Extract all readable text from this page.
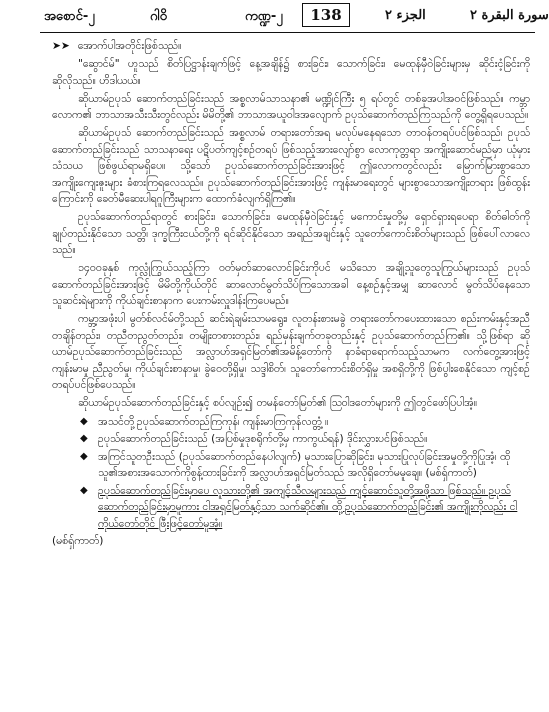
အစောင်-၂	ဂါ၀ိ	ကဏ္ဍ-၂	138	الجزء ٢	سورة البقرة ٢

➤➤ အောက်ပါအတိုင်းဖြစ်သည်။

"ဆွောင်မ်" ဟူသည် စိတ်ပြဋ္ဌာန်းချက်ဖြင့် နေ့အချိန်၌ စားခြင်း၊ သောက်ခြင်း၊ မေထုန်မှီ၀ဲခြင်းများမှ ဆိုင်းငံ့ခြင်းကို ဆိုလိုသည်။ ဟိဒါယယ်။

ဆိုယာမ်ဥပုသ် ဆောက်တည်ခြင်းသည် အစ္စလာမ်သာသနာ၏ မဏ္ဍိုင်ကြီး ၅ ရပ်တွင် တစ်ခုအပါအ၀င်ဖြစ်သည်။ ကမ္ဘာလောက၏ ဘာသာအသီးသီးတွင်လည်း မိမိတို့၏ ဘာသာအယူ၀ါဒအလျောက် ဥပုသ်ဆောက်တည်ကြသည်ကို တွေ့ရှိရပေသည်။

ဆိုယာမ်ဥပုသ် ဆောက်တည်ခြင်းသည် အစ္စလာမ် တရားတော်အရ မလုပ်မနေရသော တာ၀န်တရပ်ပင်ဖြစ်သည်၊ ဥပုသ် ဆောက်တည်ခြင်းသည် သာသနာရေး ပဋိပတ်ကျင့်စဉ်တရပ် ဖြစ်သည့်အားလျော်စွာ လောကုတ္တရာ အကျိုးဆောင်မည်မှာ ယုံမှားသံသယ ဖြစ်ဖွယ်ရာမရှိပေ။ သို့သော် ဥပုသ်ဆောက်တည်ခြင်းအားဖြင့် ဤလောကတွင်လည်း မြောက်မြားစွာသော အကျိုးကျေးဇူးများ ခံစားကြရလေသည်။ ဥပုသ်ဆောက်တည်ခြင်းအားဖြင့် ကျန်းမာရေးတွင် များစွာသောအကျိုးတရား ဖြစ်ထွန်းကြောင်းကို ခေတ်မီဆေးပါရဂူကြီးများက ထောက်ခံလျက်ရှိကြ၏။

ဥပုသ်ဆောက်တည်ရာတွင် စားခြင်း၊ သောက်ခြင်း၊ မေထုန်မှီ၀ဲခြင်းနှင့် မကောင်းမှုတို့မှ ရှောင်ရှားရပေရာ စိတ်ဓါတ်ကို ချုပ်တည်းနိုင်သော သတ္တိ၊ ဒုက္ခကြီးငယ်တို့ကို ရင်ဆိုင်နိုင်သော အရည်အချင်းနှင့် သူတော်ကောင်းစိတ်များသည် ဖြစ်ပေါ်လာလေသည်။

၁၄၀၀ခုနှစ် ကုလ္လုံကြွယ်သည့်ကြာ ၀တ်မှတ်ဆာလောင်ခြင်းကိုပင် မသိသော အချို့သူတွေသူကြွယ်များသည် ဥပုသ်ဆောက်တည်ခြင်းအားဖြင့် မိမိတို့ကိုယ်တိုင် ဆာလောင်မွတ်သိပ်ကြသောအခါ နေ့စဉ်နှင့်အမျှ ဆာလောင် မွတ်သိပ်နေသော သူဆင်းရဲများကို ကိုယ်ချင်းစာနာက ပေးကမ်းလှူဒါန်းကြပေမည်။

ကမ္ဘာ့အဖုံးပါ မွတ်စ်လင်မ်တို့သည် ဆင်းရဲချမ်းသာမရွေး၊ လူတန်းစားမခွဲ တရားတော်ကပေးထားသော စည်းကမ်းနှင့်အညီ တချိန်တည်း၊ တညီတညွတ်တည်း၊ တမျိုးတစားတည်း၊ ရည်မှန်းချက်တခုတည်းနှင့် ဥပုသ်ဆောက်တည်ကြ၏။ သို့ဖြစ်ရာ ဆိုယာမ်ဥပုသ်ဆောက်တည်ခြင်းသည် အလ္လာဟ်အရှင်မြတ်၏အမိန့်တော်ကို နာခံရာရောက်သည့်သာမက လက်တွေ့အားဖြင့် ကျန်းမာမှု ညီညွတ်မှု၊ ကိုယ်ချင်းစာနာမှု၊ ခွဲ၀ေတို့ရှိမှု၊ သဒ္ဒါစိတ်၊ သူတော်ကောင်းစိတ်ရှိမှု အစရှိတို့ကို ဖြစ်ပွါးစေနိုင်သော ကျင့်စဉ်တရပ်ပင်ဖြစ်ပေသည်။

ဆိုယာမ်ဥပုသ်ဆောက်တည်ခြင်းနှင့် စပ်လျဉ်း၍ တမန်တော်မြတ်၏ ဩ၀ါဒတော်များကို ဤတွင်ဖော်ပြပါအံ့။

◆ အသင်တို့ဥပုသ်ဆောက်တည်ကြကုန်၊ ကျန်းမာကြကုန်လတ္တံ့ ။
◆ ဥပုသ်ဆောက်တည်ခြင်းသည် (အပြစ်မှုဒုစရိုက်တို့မှ ကာကွယ်ရန်) ဒိုင်းလွှားပင်ဖြစ်သည်။
◆ အကြင်သူတဦးသည် (ဥပုသ်ဆောက်တည်နေပါလျက်) မုသားပြောဆိုခြင်း၊ မုသားပြုလုပ်ခြင်းအမှုတို့ကိုပြုအံ့၊ ထိုသူ၏အစားအသောက်ကိုစွန့်ထားခြင်းကို အလ္လာဟ်အရှင်မြတ်သည် အလိုရှိတော်မမူချေ။ (မစ်ရှ်ကာတ်)
◆ ဥပုသ်ဆောက်တည်ခြင်းမှာပေ လူသားတို့၏ အကျင့်သီလများသည် ကျင့်ဆောင်သူတို့အဖို့သာ ဖြစ်သည်။ ဥပုသ်ဆောက်တည်ခြင်းမှာမူကား ငါအရှင်မြတ်နှင့်သာ သက်ဆိုင်၏။ ထို့ဥပုသ်ဆောက်တည်ခြင်း၏ အကျိုးကိုလည်း ငါကိုယ်တော်တိုင် ဖြီးဖြင့်တော်မူအံ့။

(မစ်ရှ်ကာတ်)
